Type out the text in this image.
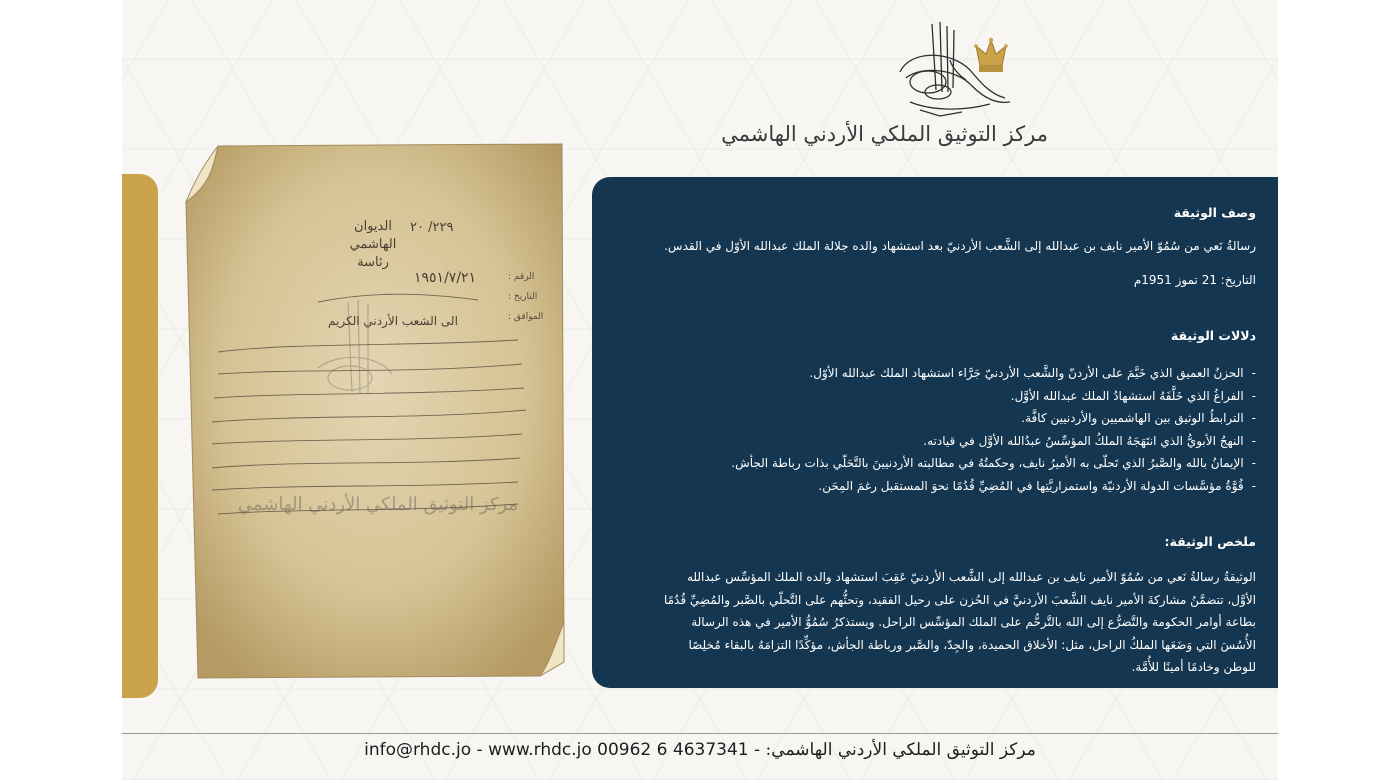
مركز التوثيق الملكي الأردني الهاشمي
الديوان الهاشمي رئاسة
٢٢٩/ ٢٠
١٩٥١/٧/٢١	الرقم :
التاريخ :
الموافق :
الى الشعب الأردني الكريم
مركز التوثيق الملكي الأردني الهاشمي
وصف الوثيقة
رسالةُ نَعي من سُمُوّ الأمير نايف بن عبدالله إلى الشَّعب الأردنيّ بعد استشهاد والده جلالة الملك عبدالله الأوّل في القدس.
التاريخ: 21 تموز 1951م
دلالات الوثيقة
ملخص الوثيقة:
-الحزنُ العميق الذي خَيَّمَ على الأردنّ والشَّعب الأردنيّ جَرَّاء استشهاد الملك عبدالله الأوّل.
-الفراغُ الذي خَلَّفَهُ استشهادُ الملك عبدالله الأوَّل.
-الترابطُ الوثيق بين الهاشميين والأردنيين كافَّة.
-النهجُ الأبويُّ الذي انتَهَجَهُ الملكُ المؤسِّسُ عبدُالله الأوَّل في قيادته.
-الإيمانُ بالله والصَّبرُ الذي تَحلّى به الأميرُ نايف، وحكمتُهُ في مطالبته الأردنيينَ بالتَّحَلّي بذات رباطة الجأش.
-قُوَّةُ مؤسَّسات الدولة الأردنيّة واستمراريَّتِها في المُضِيِّ قُدُمًا نحوَ المستقبل رغمَ المِحَن.
الوثيقةُ رسالةُ نَعي من سُمُوّ الأمير نايف بن عبدالله إلى الشَّعب الأردنيّ عَقِبَ استشهاد والده الملك المؤسِّس عبدالله الأوَّل، تتضمَّنُ مشاركةَ الأمير نايف الشَّعبَ الأردنيَّ في الحُزن على رحيل الفقيد، وتحثُّهم على التَّحلّي بالصَّبر والمُضِيِّ قُدُمًا بطاعة أوامر الحكومة والتَّضرُّع إلى الله بالتَّرحُّم على الملك المؤسِّس الراحل. ويستذكرُ سُمُوُّ الأمير في هذه الرسالة الأُسُسَ التي وَضَعَها الملكُ الراحل، مثل: الأخلاق الحميدة، والجِدّ، والصَّبر ورباطة الجأش، مؤكِّدًا التزامَهُ بالبقاء مُخلِصًا للوطن وخادمًا أمينًا للأُمَّة.
info@rhdc.jo - www.rhdc.jo 00962 6 4637341 - مركز التوثيق الملكي الأردني الهاشمي:
